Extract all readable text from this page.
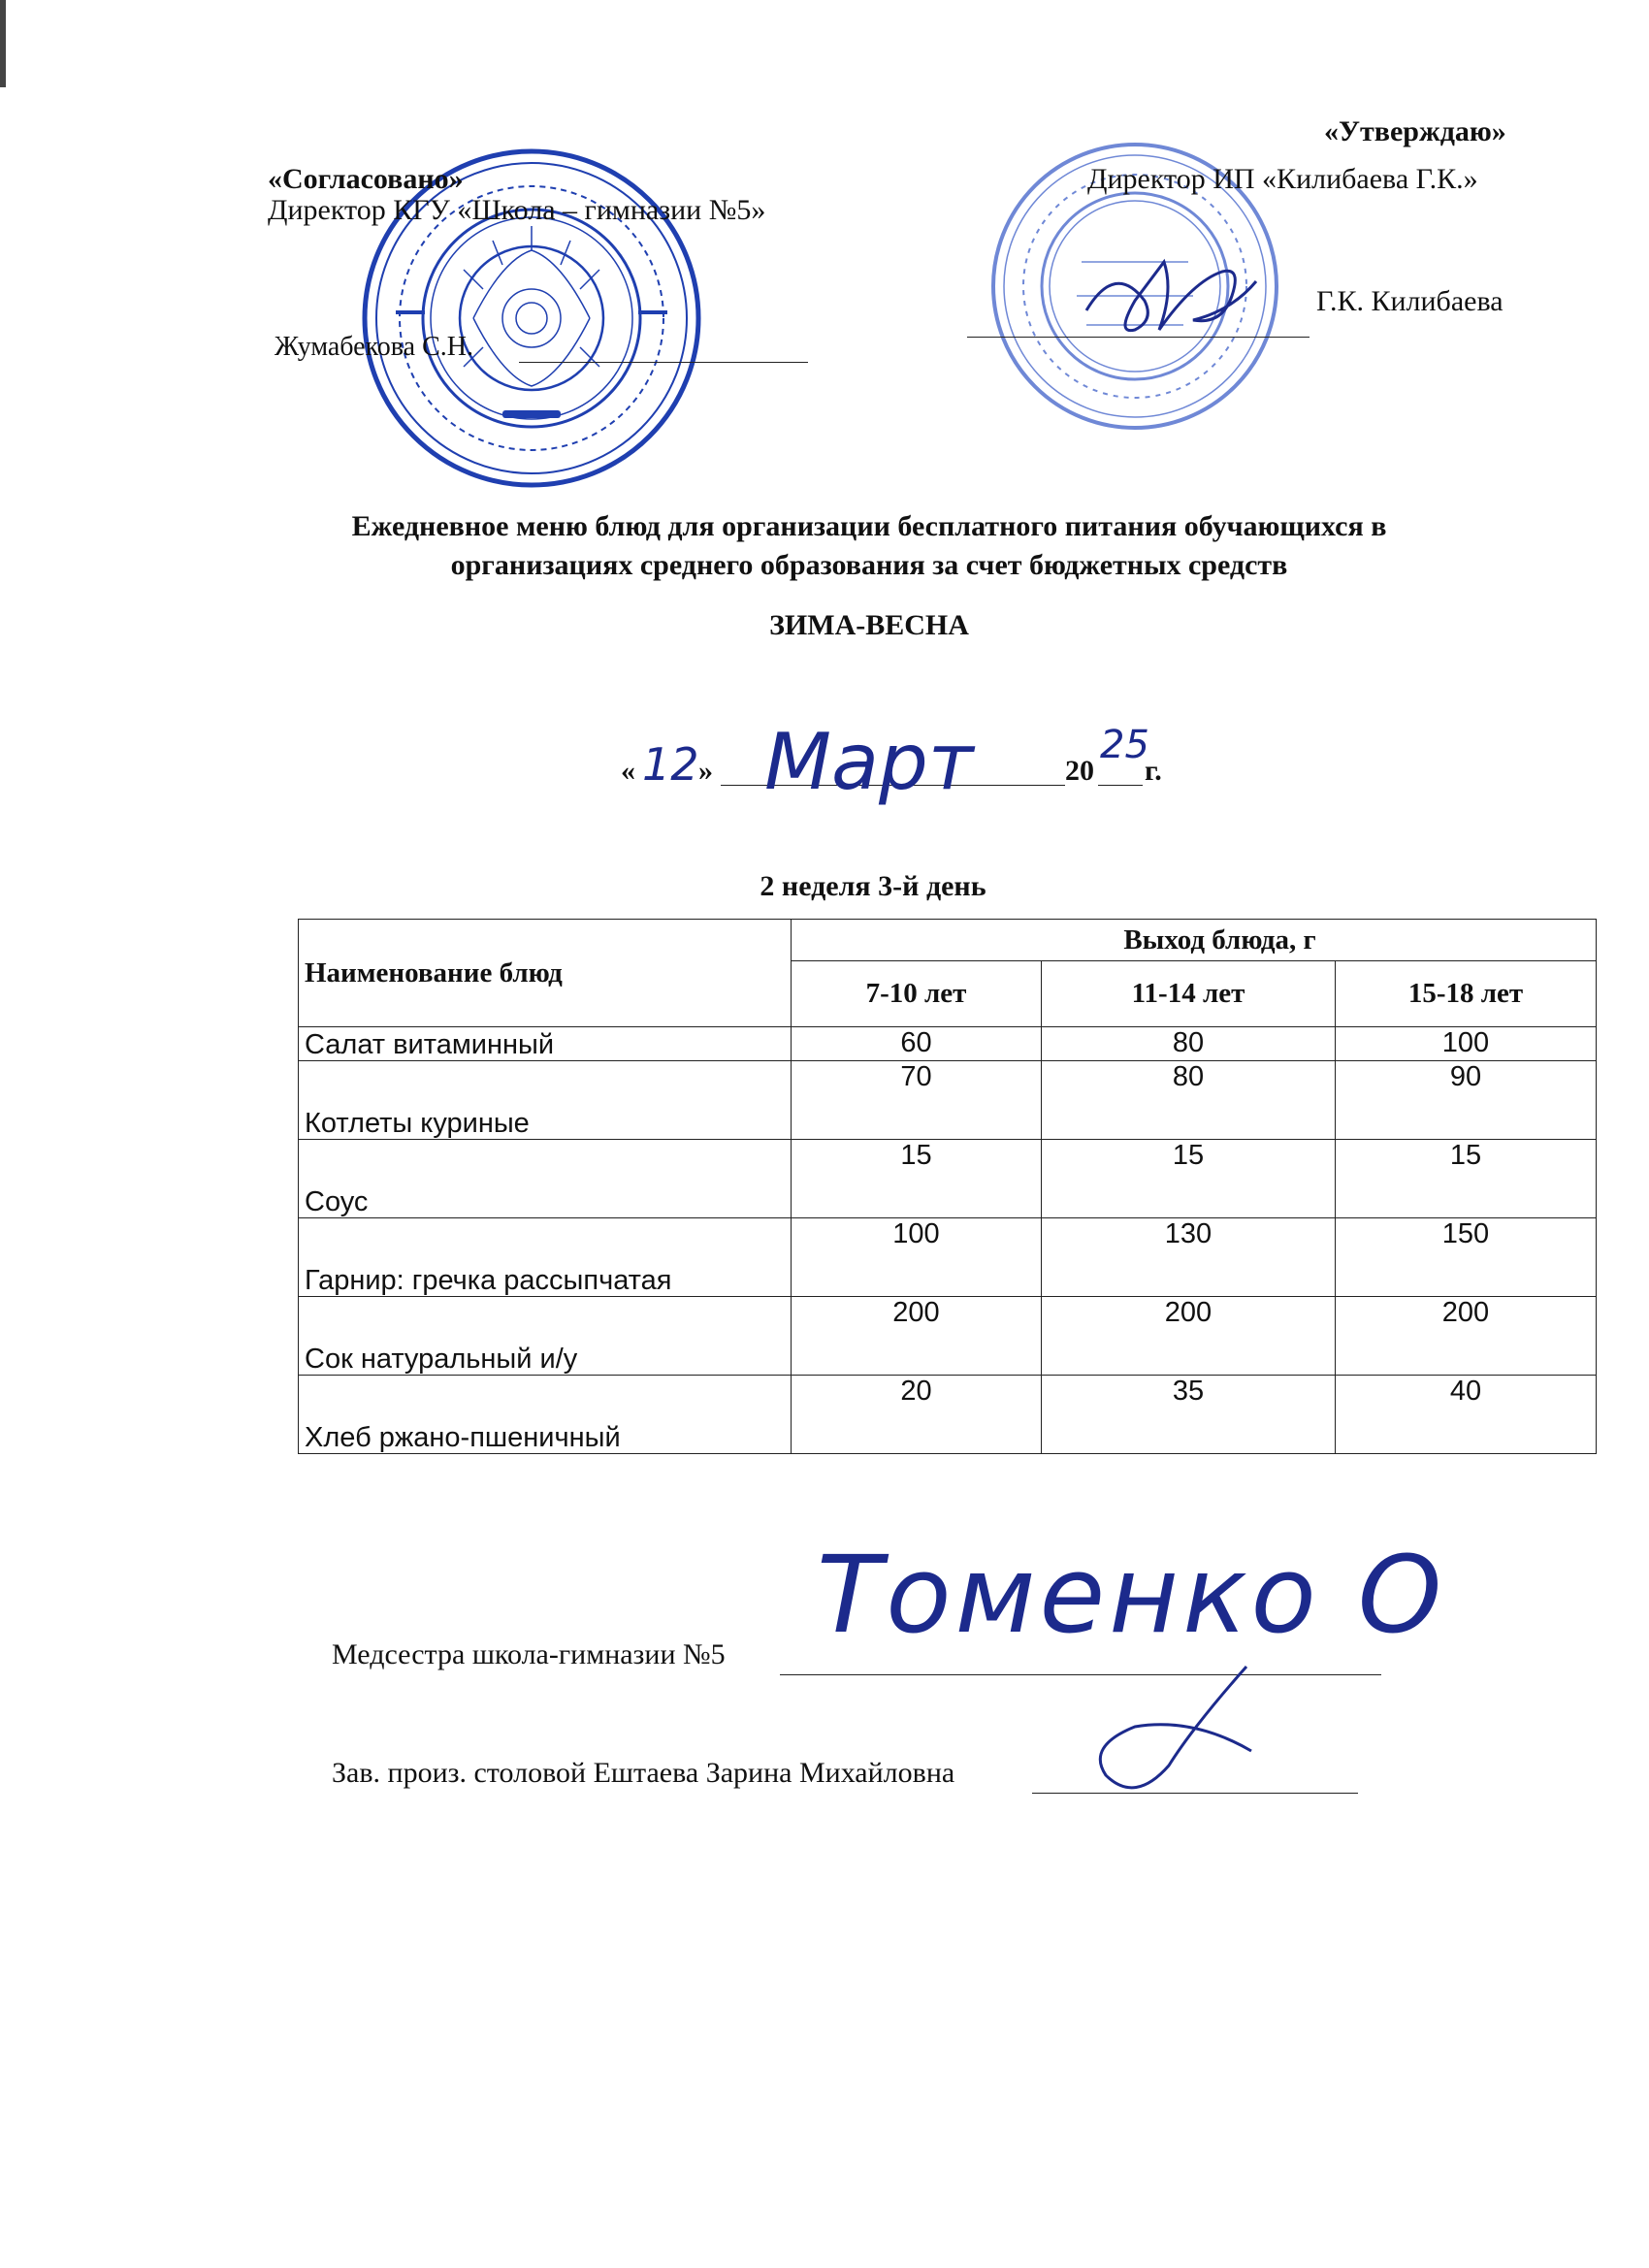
«Согласовано»
Директор КГУ «Школа – гимназии №5»
Жумабекова С.Н.
«Утверждаю»
Директор ИП «Килибаева Г.К.»
Г.К. Килибаева
Ежедневное меню блюд для организации бесплатного питания обучающихся в
организациях среднего образования за счет бюджетных средств
ЗИМА-ВЕСНА
« 12 » Март	20
25
г.
2 неделя 3-й день
Наименование блюд	Выход блюда, г		
	7-10 лет	11-14 лет	15-18 лет
Салат витаминный	60	80	100
Котлеты куриные	70	80	90
Соус	15	15	15
Гарнир: гречка рассыпчатая	100	130	150
Сок натуральный и/у	200	200	200
Хлеб ржано-пшеничный	20	35	40
Медсестра школа-гимназии №5 Томенко О
Зав. произ. столовой Ештаева Зарина Михайловна
